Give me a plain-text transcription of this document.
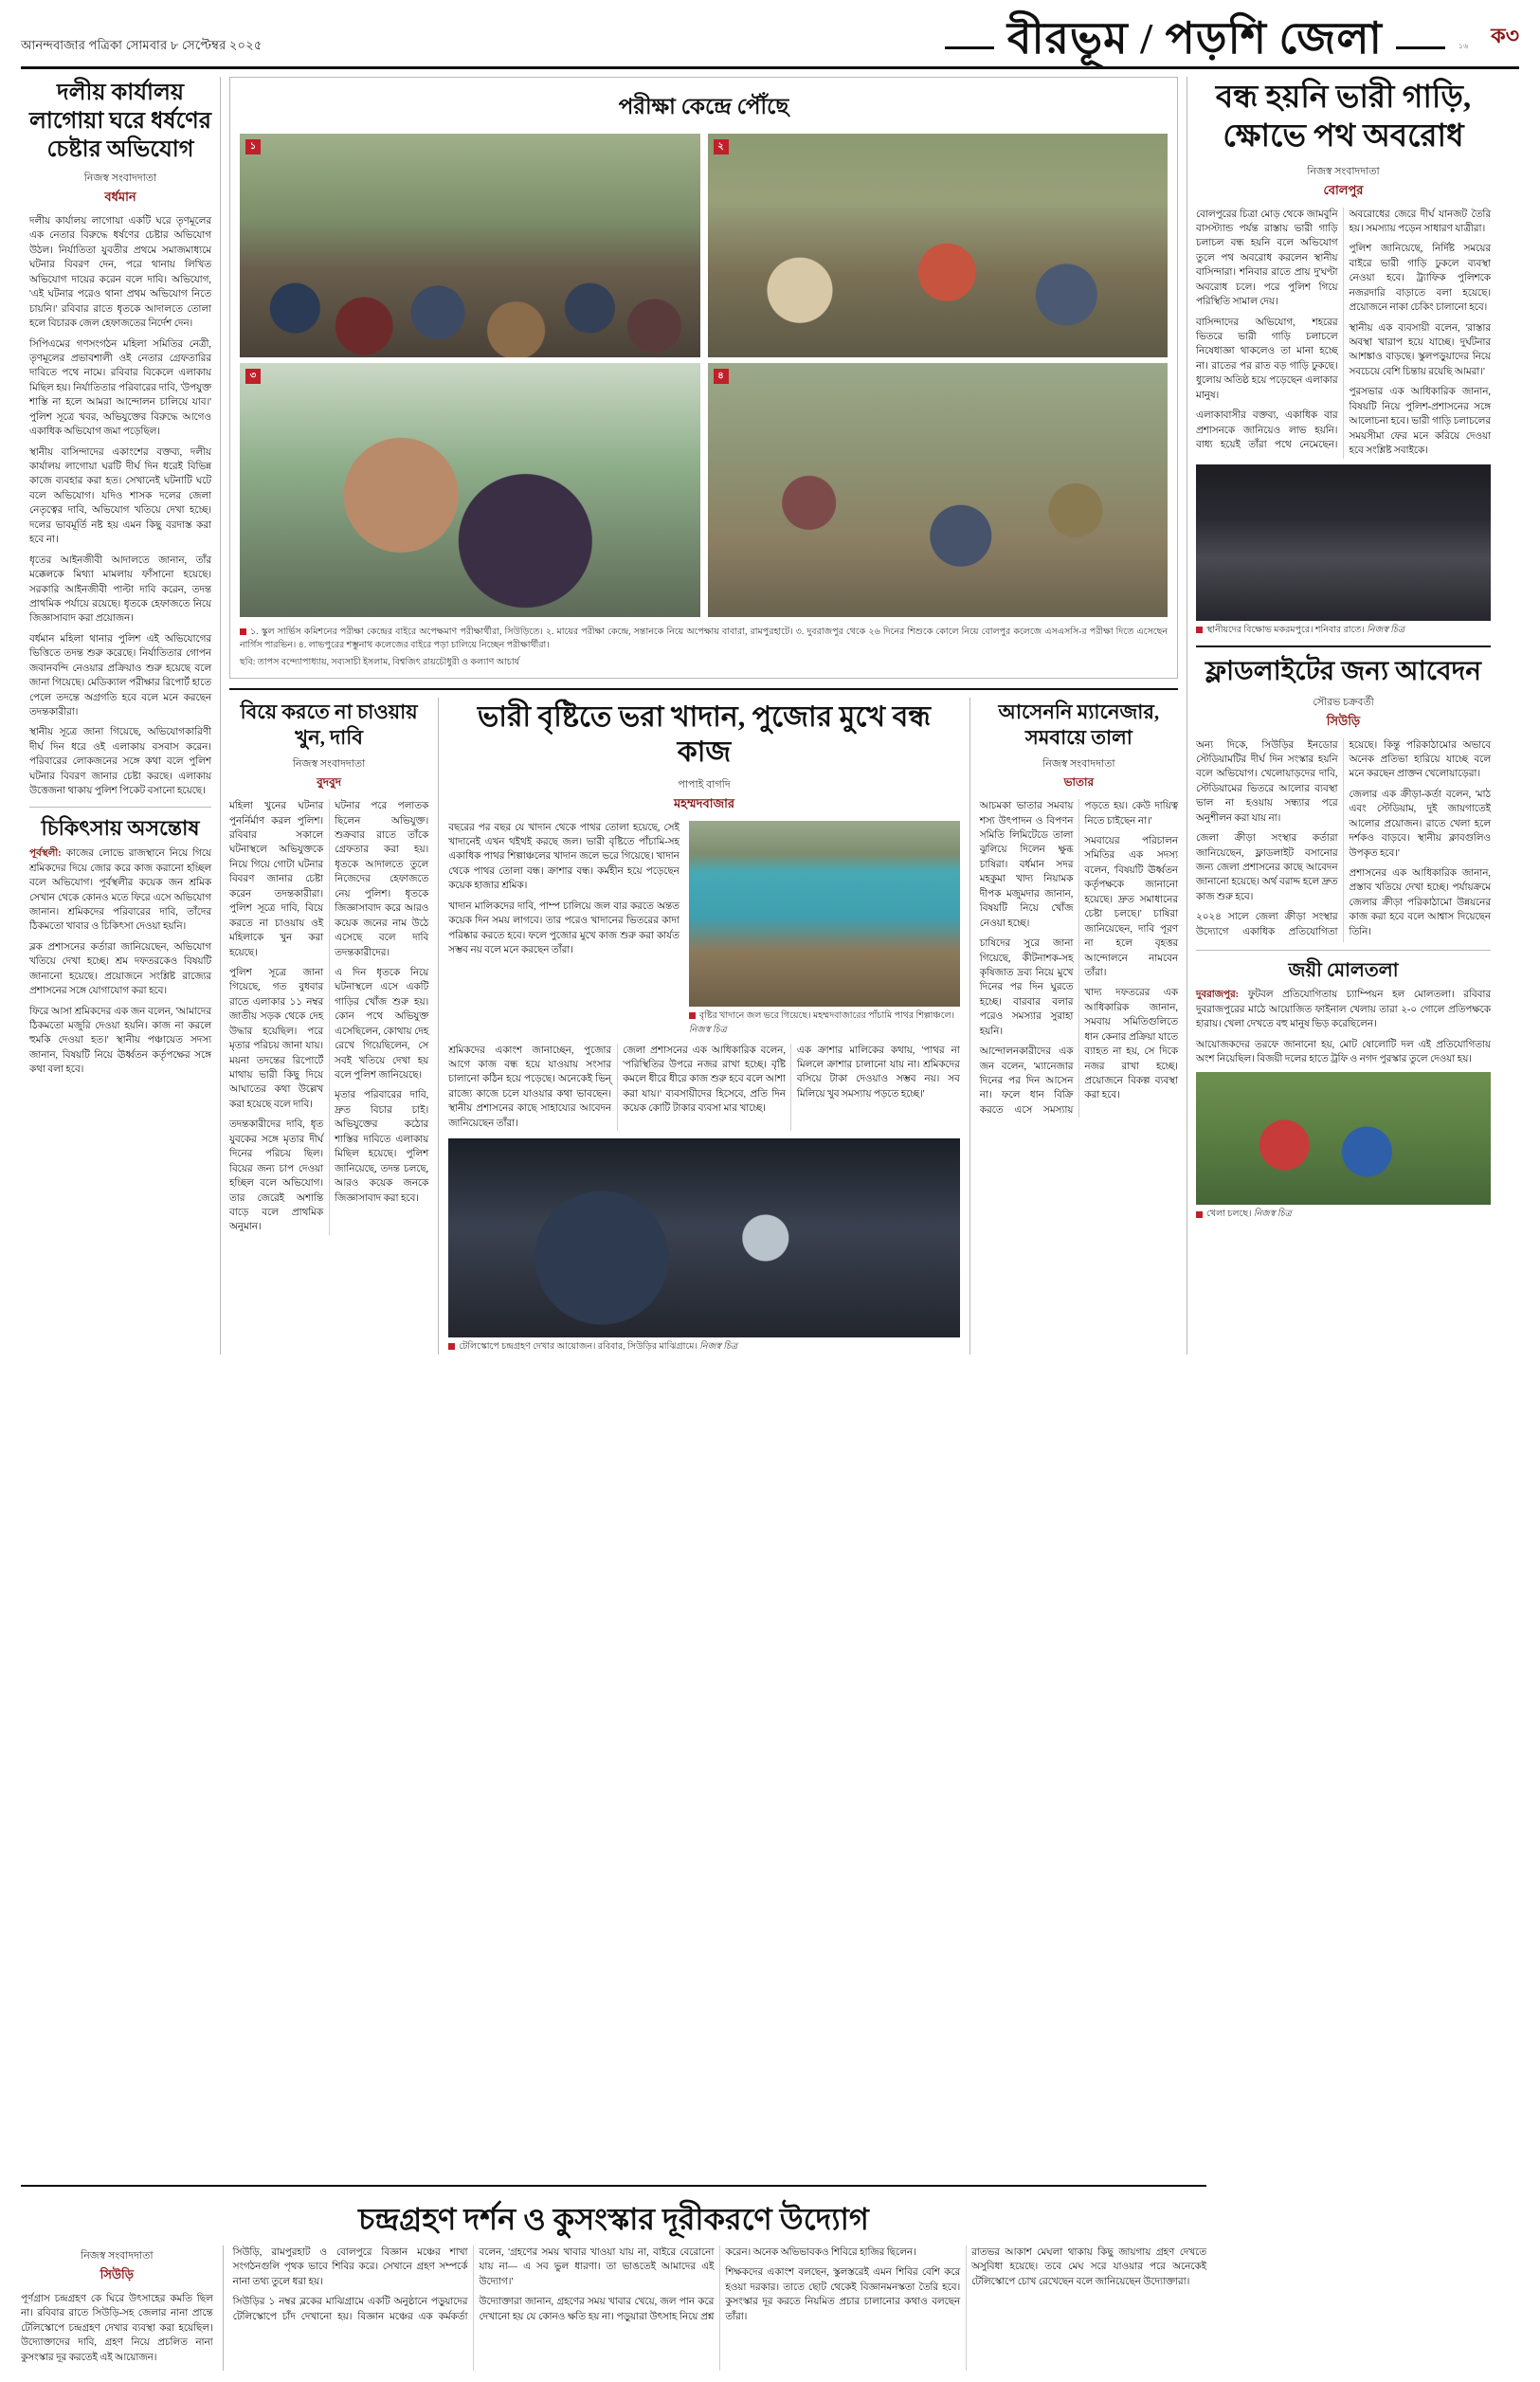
আনন্দবাজার পত্রিকা সোমবার ৮ সেপ্টেম্বর ২০২৫	বীরভূম / পড়শি জেলা	১৬	ক৩
দলীয় কার্যালয় লাগোয়া ঘরে ধর্ষণের চেষ্টার অভিযোগ
নিজস্ব সংবাদদাতা
বর্ধমান

দলীয় কার্যালয় লাগোয়া একটি ঘরে তৃণমূলের এক নেতার বিরুদ্ধে ধর্ষণের চেষ্টার অভিযোগ উঠল। নির্যাতিতা যুবতীর প্রথমে সমাজমাধ্যমে ঘটনার বিবরণ দেন, পরে থানায় লিখিত অভিযোগ দায়ের করেন বলে দাবি। অভিযোগ, 'এই ঘটনার পরেও থানা প্রথম অভিযোগ নিতে চায়নি।' রবিবার রাতে ধৃতকে আদালতে তোলা হলে বিচারক জেল হেফাজতের নির্দেশ দেন।

সিপিএমের গণসংগঠন মহিলা সমিতির নেত্রী, তৃণমূলের প্রভাবশালী ওই নেতার গ্রেফতারির দাবিতে পথে নামে। রবিবার বিকেলে এলাকায় মিছিল হয়। নির্যাতিতার পরিবারের দাবি, 'উপযুক্ত শাস্তি না হলে আমরা আন্দোলন চালিয়ে যাব।' পুলিশ সূত্রে খবর, অভিযুক্তের বিরুদ্ধে আগেও একাধিক অভিযোগ জমা পড়েছিল।

স্থানীয় বাসিন্দাদের একাংশের বক্তব্য, দলীয় কার্যালয় লাগোয়া ঘরটি দীর্ঘ দিন ধরেই বিভিন্ন কাজে ব্যবহার করা হত। সেখানেই ঘটনাটি ঘটে বলে অভিযোগ। যদিও শাসক দলের জেলা নেতৃত্বের দাবি, অভিযোগ খতিয়ে দেখা হচ্ছে। দলের ভাবমূর্তি নষ্ট হয় এমন কিছু বরদাস্ত করা হবে না।

ধৃতের আইনজীবী আদালতে জানান, তাঁর মক্কেলকে মিথ্যা মামলায় ফাঁসানো হয়েছে। সরকারি আইনজীবী পাল্টা দাবি করেন, তদন্ত প্রাথমিক পর্যায়ে রয়েছে। ধৃতকে হেফাজতে নিয়ে জিজ্ঞাসাবাদ করা প্রয়োজন।

বর্ধমান মহিলা থানার পুলিশ এই অভিযোগের ভিত্তিতে তদন্ত শুরু করেছে। নির্যাতিতার গোপন জবানবন্দি নেওয়ার প্রক্রিয়াও শুরু হয়েছে বলে জানা গিয়েছে। মেডিক্যাল পরীক্ষার রিপোর্ট হাতে পেলে তদন্তে অগ্রগতি হবে বলে মনে করছেন তদন্তকারীরা।

স্থানীয় সূত্রে জানা গিয়েছে, অভিযোগকারিণী দীর্ঘ দিন ধরে ওই এলাকায় বসবাস করেন। পরিবারের লোকজনের সঙ্গে কথা বলে পুলিশ ঘটনার বিবরণ জানার চেষ্টা করছে। এলাকায় উত্তেজনা থাকায় পুলিশ পিকেট বসানো হয়েছে।

চিকিৎসায় অসন্তোষ

পূর্বস্থলী: কাজের লোভে রাজস্থানে নিয়ে গিয়ে শ্রমিকদের দিয়ে জোর করে কাজ করানো হচ্ছিল বলে অভিযোগ। পূর্বস্থলীর কয়েক জন শ্রমিক সেখান থেকে কোনও মতে ফিরে এসে অভিযোগ জানান। শ্রমিকদের পরিবারের দাবি, তাঁদের ঠিকমতো খাবার ও চিকিৎসা দেওয়া হয়নি।

ব্লক প্রশাসনের কর্তারা জানিয়েছেন, অভিযোগ খতিয়ে দেখা হচ্ছে। শ্রম দফতরকেও বিষয়টি জানানো হয়েছে। প্রয়োজনে সংশ্লিষ্ট রাজ্যের প্রশাসনের সঙ্গে যোগাযোগ করা হবে।

ফিরে আসা শ্রমিকদের এক জন বলেন, 'আমাদের ঠিকমতো মজুরি দেওয়া হয়নি। কাজ না করলে হুমকি দেওয়া হত।' স্থানীয় পঞ্চায়েত সদস্য জানান, বিষয়টি নিয়ে ঊর্ধ্বতন কর্তৃপক্ষের সঙ্গে কথা বলা হবে।

পরীক্ষা কেন্দ্রে পৌঁছে
১	২
৩	৪
১. স্কুল সার্ভিস কমিশনের পরীক্ষা কেন্দ্রের বাইরে অপেক্ষমাণ পরীক্ষার্থীরা, সিউড়িতে। ২. মায়ের পরীক্ষা কেন্দ্রে, সন্তানকে নিয়ে অপেক্ষায় বাবারা, রামপুরহাটে। ৩. দুবরাজপুর থেকে ২৬ দিনের শিশুকে কোলে নিয়ে বোলপুর কলেজে এসএসসি-র পরীক্ষা দিতে এসেছেন নার্গিস পারভিন। ৪. লাভপুরের শম্ভুনাথ কলেজের বাইরে পড়া চালিয়ে নিচ্ছেন পরীক্ষার্থীরা।
ছবি: তাপস বন্দ্যোপাধ্যায়, সব্যসাচী ইসলাম, বিশ্বজিৎ রায়চৌধুরী ও কল্যাণ আচার্য
বিয়ে করতে না চাওয়ায় খুন, দাবি
নিজস্ব সংবাদদাতা
বুদবুদ

মহিলা খুনের ঘটনার পুনর্নির্মাণ করল পুলিশ। রবিবার সকালে ঘটনাস্থলে অভিযুক্তকে নিয়ে গিয়ে গোটা ঘটনার বিবরণ জানার চেষ্টা করেন তদন্তকারীরা। পুলিশ সূত্রে দাবি, বিয়ে করতে না চাওয়ায় ওই মহিলাকে খুন করা হয়েছে।

পুলিশ সূত্রে জানা গিয়েছে, গত বুধবার রাতে এলাকার ১১ নম্বর জাতীয় সড়ক থেকে দেহ উদ্ধার হয়েছিল। পরে মৃতার পরিচয় জানা যায়। ময়না তদন্তের রিপোর্টে মাথায় ভারী কিছু দিয়ে আঘাতের কথা উল্লেখ করা হয়েছে বলে দাবি।

তদন্তকারীদের দাবি, ধৃত যুবকের সঙ্গে মৃতার দীর্ঘ দিনের পরিচয় ছিল। বিয়ের জন্য চাপ দেওয়া হচ্ছিল বলে অভিযোগ। তার জেরেই অশান্তি বাড়ে বলে প্রাথমিক অনুমান।

ঘটনার পরে পলাতক ছিলেন অভিযুক্ত। শুক্রবার রাতে তাঁকে গ্রেফতার করা হয়। ধৃতকে আদালতে তুলে নিজেদের হেফাজতে নেয় পুলিশ। ধৃতকে জিজ্ঞাসাবাদ করে আরও কয়েক জনের নাম উঠে এসেছে বলে দাবি তদন্তকারীদের।

এ দিন ধৃতকে নিয়ে ঘটনাস্থলে এসে একটি গাড়ির খোঁজ শুরু হয়। কোন পথে অভিযুক্ত এসেছিলেন, কোথায় দেহ রেখে গিয়েছিলেন, সে সবই খতিয়ে দেখা হয় বলে পুলিশ জানিয়েছে।

মৃতার পরিবারের দাবি, দ্রুত বিচার চাই। অভিযুক্তের কঠোর শাস্তির দাবিতে এলাকায় মিছিল হয়েছে। পুলিশ জানিয়েছে, তদন্ত চলছে, আরও কয়েক জনকে জিজ্ঞাসাবাদ করা হবে।

ভারী বৃষ্টিতে ভরা খাদান, পুজোর মুখে বন্ধ কাজ
পাপাই বাগদি
মহম্মদবাজার

বছরের পর বছর যে খাদান থেকে পাথর তোলা হয়েছে, সেই খাদানেই এখন থইথই করছে জল। ভারী বৃষ্টিতে পাঁচামি-সহ একাধিক পাথর শিল্পাঞ্চলের খাদান জলে ভরে গিয়েছে। খাদান থেকে পাথর তোলা বন্ধ। ক্রাশার বন্ধ। কর্মহীন হয়ে পড়েছেন কয়েক হাজার শ্রমিক।

খাদান মালিকদের দাবি, পাম্প চালিয়ে জল বার করতে অন্তত কয়েক দিন সময় লাগবে। তার পরেও খাদানের ভিতরের কাদা পরিষ্কার করতে হবে। ফলে পুজোর মুখে কাজ শুরু করা কার্যত সম্ভব নয় বলে মনে করছেন তাঁরা।

বৃষ্টির খাদানে জল ভরে গিয়েছে। মহম্মদবাজারের পাঁচামি পাথর শিল্পাঞ্চলে। নিজস্ব চিত্র

শ্রমিকদের একাংশ জানাচ্ছেন, পুজোর আগে কাজ বন্ধ হয়ে যাওয়ায় সংসার চালানো কঠিন হয়ে পড়েছে। অনেকেই ভিন্ রাজ্যে কাজে চলে যাওয়ার কথা ভাবছেন। স্থানীয় প্রশাসনের কাছে সাহায্যের আবেদন জানিয়েছেন তাঁরা।

জেলা প্রশাসনের এক আধিকারিক বলেন, 'পরিস্থিতির উপরে নজর রাখা হচ্ছে। বৃষ্টি কমলে ধীরে ধীরে কাজ শুরু হবে বলে আশা করা যায়।' ব্যবসায়ীদের হিসেবে, প্রতি দিন কয়েক কোটি টাকার ব্যবসা মার খাচ্ছে।

এক ক্রাশার মালিকের কথায়, 'পাথর না মিললে ক্রাশার চালানো যায় না। শ্রমিকদের বসিয়ে টাকা দেওয়াও সম্ভব নয়। সব মিলিয়ে খুব সমস্যায় পড়তে হচ্ছে।'

টেলিস্কোপে চন্দ্রগ্রহণ দেখার আয়োজন। রবিবার, সিউড়ির মাঝিগ্রামে। নিজস্ব চিত্র
আসেননি ম্যানেজার, সমবায়ে তালা
নিজস্ব সংবাদদাতা
ভাতার

আচমকা ভাতার সমবায় শস্য উৎপাদন ও বিপণন সমিতি লিমিটেডে তালা ঝুলিয়ে দিলেন ক্ষুব্ধ চাষিরা। বর্ধমান সদর মহকুমা খাদ্য নিয়ামক দীপক মজুমদার জানান, বিষয়টি নিয়ে খোঁজ নেওয়া হচ্ছে।

চাষিদের সুরে জানা গিয়েছে, কীটনাশক-সহ কৃষিজাত দ্রব্য নিয়ে মুখে দিনের পর দিন ঘুরতে হচ্ছে। বারবার বলার পরেও সমস্যার সুরাহা হয়নি।

আন্দোলনকারীদের এক জন বলেন, 'ম্যানেজার দিনের পর দিন আসেন না। ফলে ধান বিক্রি করতে এসে সমস্যায় পড়তে হয়। কেউ দায়িত্ব নিতে চাইছেন না।'

সমবায়ের পরিচালন সমিতির এক সদস্য বলেন, 'বিষয়টি ঊর্ধ্বতন কর্তৃপক্ষকে জানানো হয়েছে। দ্রুত সমাধানের চেষ্টা চলছে।' চাষিরা জানিয়েছেন, দাবি পূরণ না হলে বৃহত্তর আন্দোলনে নামবেন তাঁরা।

খাদ্য দফতরের এক আধিকারিক জানান, সমবায় সমিতিগুলিতে ধান কেনার প্রক্রিয়া যাতে ব্যাহত না হয়, সে দিকে নজর রাখা হচ্ছে। প্রয়োজনে বিকল্প ব্যবস্থা করা হবে।

বন্ধ হয়নি ভারী গাড়ি, ক্ষোভে পথ অবরোধ
নিজস্ব সংবাদদাতা
বোলপুর

বোলপুরের চিত্রা মোড় থেকে জামবুনি বাসস্ট্যান্ড পর্যন্ত রাস্তায় ভারী গাড়ি চলাচল বন্ধ হয়নি বলে অভিযোগ তুলে পথ অবরোধ করলেন স্থানীয় বাসিন্দারা। শনিবার রাতে প্রায় দু'ঘণ্টা অবরোধ চলে। পরে পুলিশ গিয়ে পরিস্থিতি সামাল দেয়।

বাসিন্দাদের অভিযোগ, শহরের ভিতরে ভারী গাড়ি চলাচলে নিষেধাজ্ঞা থাকলেও তা মানা হচ্ছে না। রাতের পর রাত বড় গাড়ি ঢুকছে। ধুলোয় অতিষ্ঠ হয়ে পড়েছেন এলাকার মানুষ।

এলাকাবাসীর বক্তব্য, একাধিক বার প্রশাসনকে জানিয়েও লাভ হয়নি। বাধ্য হয়েই তাঁরা পথে নেমেছেন। অবরোধের জেরে দীর্ঘ যানজট তৈরি হয়। সমস্যায় পড়েন সাধারণ যাত্রীরা।

পুলিশ জানিয়েছে, নির্দিষ্ট সময়ের বাইরে ভারী গাড়ি ঢুকলে ব্যবস্থা নেওয়া হবে। ট্র্যাফিক পুলিশকে নজরদারি বাড়াতে বলা হয়েছে। প্রয়োজনে নাকা চেকিং চালানো হবে।

স্থানীয় এক ব্যবসায়ী বলেন, 'রাস্তার অবস্থা খারাপ হয়ে যাচ্ছে। দুর্ঘটনার আশঙ্কাও বাড়ছে। স্কুলপড়ুয়াদের নিয়ে সবচেয়ে বেশি চিন্তায় রয়েছি আমরা।'

পুরসভার এক আধিকারিক জানান, বিষয়টি নিয়ে পুলিশ-প্রশাসনের সঙ্গে আলোচনা হবে। ভারী গাড়ি চলাচলের সময়সীমা ফের মনে করিয়ে দেওয়া হবে সংশ্লিষ্ট সবাইকে।

স্থানীয়দের বিক্ষোভ মকরমপুরে। শনিবার রাতে। নিজস্ব চিত্র
ফ্লাডলাইটের জন্য আবেদন
সৌরভ চক্রবর্তী
সিউড়ি

অন্য দিকে, সিউড়ির ইনডোর স্টেডিয়ামটির দীর্ঘ দিন সংস্কার হয়নি বলে অভিযোগ। খেলোয়াড়দের দাবি, স্টেডিয়ামের ভিতরে আলোর ব্যবস্থা ভাল না হওয়ায় সন্ধ্যার পরে অনুশীলন করা যায় না।

জেলা ক্রীড়া সংস্থার কর্তারা জানিয়েছেন, ফ্লাডলাইট বসানোর জন্য জেলা প্রশাসনের কাছে আবেদন জানানো হয়েছে। অর্থ বরাদ্দ হলে দ্রুত কাজ শুরু হবে।

২০২৪ সালে জেলা ক্রীড়া সংস্থার উদ্যোগে একাধিক প্রতিযোগিতা হয়েছে। কিন্তু পরিকাঠামোর অভাবে অনেক প্রতিভা হারিয়ে যাচ্ছে বলে মনে করছেন প্রাক্তন খেলোয়াড়েরা।

জেলার এক ক্রীড়া-কর্তা বলেন, 'মাঠ এবং স্টেডিয়াম, দুই জায়গাতেই আলোর প্রয়োজন। রাতে খেলা হলে দর্শকও বাড়বে। স্থানীয় ক্লাবগুলিও উপকৃত হবে।'

প্রশাসনের এক আধিকারিক জানান, প্রস্তাব খতিয়ে দেখা হচ্ছে। পর্যায়ক্রমে জেলার ক্রীড়া পরিকাঠামো উন্নয়নের কাজ করা হবে বলে আশ্বাস দিয়েছেন তিনি।

জয়ী মোলতলা

দুবরাজপুর: ফুটবল প্রতিযোগিতায় চ্যাম্পিয়ন হল মোলতলা। রবিবার দুবরাজপুরের মাঠে আয়োজিত ফাইনাল খেলায় তারা ২-০ গোলে প্রতিপক্ষকে হারায়। খেলা দেখতে বহু মানুষ ভিড় করেছিলেন।

আয়োজকদের তরফে জানানো হয়, মোট ষোলোটি দল এই প্রতিযোগিতায় অংশ নিয়েছিল। বিজয়ী দলের হাতে ট্রফি ও নগদ পুরস্কার তুলে দেওয়া হয়।

খেলা চলছে। নিজস্ব চিত্র
চন্দ্রগ্রহণ দর্শন ও কুসংস্কার দূরীকরণে উদ্যোগ
নিজস্ব সংবাদদাতা
সিউড়ি

পূর্ণগ্রাস চন্দ্রগ্রহণ কে ঘিরে উৎসাহের কমতি ছিল না। রবিবার রাতে সিউড়ি-সহ জেলার নানা প্রান্তে টেলিস্কোপে চন্দ্রগ্রহণ দেখার ব্যবস্থা করা হয়েছিল। উদ্যোক্তাদের দাবি, গ্রহণ নিয়ে প্রচলিত নানা কুসংস্কার দূর করতেই এই আয়োজন।

সিউড়ি, রামপুরহাট ও বোলপুরে বিজ্ঞান মঞ্চের শাখা সংগঠনগুলি পৃথক ভাবে শিবির করে। সেখানে গ্রহণ সম্পর্কে নানা তথ্য তুলে ধরা হয়।

সিউড়ির ১ নম্বর ব্লকের মাঝিগ্রামে একটি অনুষ্ঠানে পড়ুয়াদের টেলিস্কোপে চাঁদ দেখানো হয়। বিজ্ঞান মঞ্চের এক কর্মকর্তা বলেন, 'গ্রহণের সময় খাবার খাওয়া যায় না, বাইরে বেরোনো যায় না— এ সব ভুল ধারণা। তা ভাঙতেই আমাদের এই উদ্যোগ।'

উদ্যোক্তারা জানান, গ্রহণের সময় খাবার খেয়ে, জল পান করে দেখানো হয় যে কোনও ক্ষতি হয় না। পড়ুয়ারা উৎসাহ নিয়ে প্রশ্ন করেন। অনেক অভিভাবকও শিবিরে হাজির ছিলেন।

শিক্ষকদের একাংশ বলছেন, স্কুলস্তরেই এমন শিবির বেশি করে হওয়া দরকার। তাতে ছোট থেকেই বিজ্ঞানমনস্কতা তৈরি হবে। কুসংস্কার দূর করতে নিয়মিত প্রচার চালানোর কথাও বলছেন তাঁরা।

রাতভর আকাশ মেঘলা থাকায় কিছু জায়গায় গ্রহণ দেখতে অসুবিধা হয়েছে। তবে মেঘ সরে যাওয়ার পরে অনেকেই টেলিস্কোপে চোখ রেখেছেন বলে জানিয়েছেন উদ্যোক্তারা।
